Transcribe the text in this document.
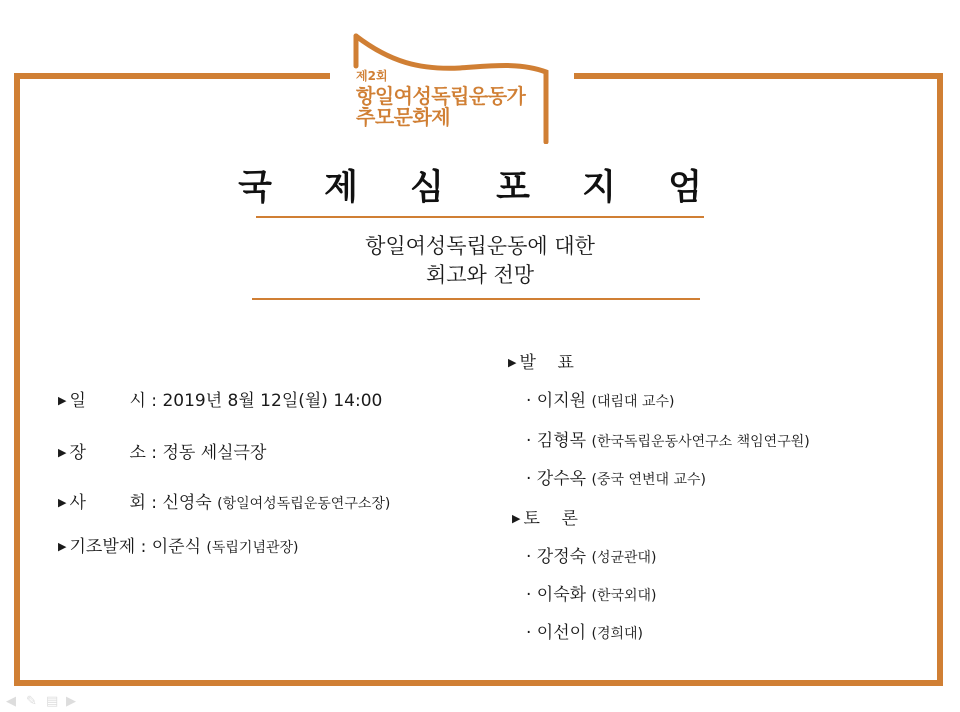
제2회
항일여성독립운동가
추모문화제
국 제 심 포 지 엄
항일여성독립운동에 대한
회고와 전망
▶ 일	시 : 2019년 8월 12일(월) 14:00
▶ 장	소 : 정동 세실극장
▶ 사	회 : 신영숙 (항일여성독립운동연구소장)
▶ 기조발제 : 이준식 (독립기념관장)
▶ 발    표
· 이지원 (대림대 교수)
· 김형목 (한국독립운동사연구소 책임연구원)
· 강수옥 (중국 연변대 교수)
▶ 토    론
· 강정숙 (성균관대)
· 이숙화 (한국외대)
· 이선이 (경희대)
◀ ✎ ▤ ▶
